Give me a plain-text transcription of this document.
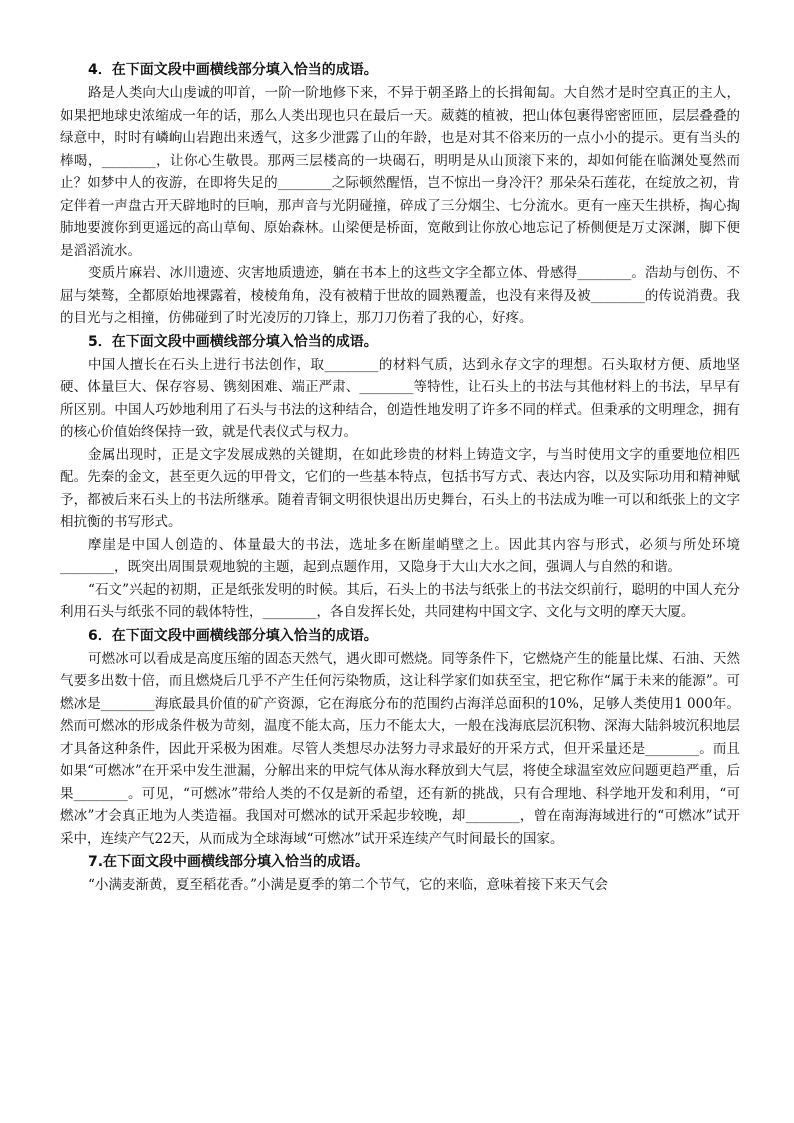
4．在下面文段中画横线部分填入恰当的成语。

路是人类向大山虔诚的叩首，一阶一阶地修下来，不异于朝圣路上的长揖匍匐。大自然才是时空真正的主人，如果把地球史浓缩成一年的话，那么人类出现也只在最后一天。葳蕤的植被，把山体包裹得密密匝匝，层层叠叠的绿意中，时时有嶙峋山岩跑出来透气，这多少泄露了山的年龄，也是对其不俗来历的一点小小的提示。更有当头的棒喝，________，让你心生敬畏。那两三层楼高的一块碣石，明明是从山顶滚下来的，却如何能在临渊处戛然而止？如梦中人的夜游，在即将失足的________之际顿然醒悟，岂不惊出一身冷汗？那朵朵石莲花，在绽放之初，肯定伴着一声盘古开天辟地时的巨响，那声音与光阴碰撞，碎成了三分烟尘、七分流水。更有一座天生拱桥，掏心掏肺地要渡你到更遥远的高山草甸、原始森林。山梁便是桥面，宽敞到让你放心地忘记了桥侧便是万丈深渊，脚下便是滔滔流水。

变质片麻岩、冰川遗迹、灾害地质遗迹，躺在书本上的这些文字全都立体、骨感得________。浩劫与创伤、不屈与桀骜，全都原始地裸露着，棱棱角角，没有被精于世故的圆熟覆盖，也没有来得及被________的传说消费。我的目光与之相撞，仿佛碰到了时光凌厉的刀锋上，那刀刀伤着了我的心，好疼。

5．在下面文段中画横线部分填入恰当的成语。

中国人擅长在石头上进行书法创作，取________的材料气质，达到永存文字的理想。石头取材方便、质地坚硬、体量巨大、保存容易、镌刻困难、端正严肃、________等特性，让石头上的书法与其他材料上的书法，早早有所区别。中国人巧妙地利用了石头与书法的这种结合，创造性地发明了许多不同的样式。但秉承的文明理念，拥有的核心价值始终保持一致，就是代表仪式与权力。

金属出现时，正是文字发展成熟的关键期，在如此珍贵的材料上铸造文字，与当时使用文字的重要地位相匹配。先秦的金文，甚至更久远的甲骨文，它们的一些基本特点，包括书写方式、表达内容，以及实际功用和精神赋予，都被后来石头上的书法所继承。随着青铜文明很快退出历史舞台，石头上的书法成为唯一可以和纸张上的文字相抗衡的书写形式。

摩崖是中国人创造的、体量最大的书法，选址多在断崖峭壁之上。因此其内容与形式，必须与所处环境________，既突出周围景观地貌的主题，起到点题作用，又隐身于大山大水之间，强调人与自然的和谐。

“石文”兴起的初期，正是纸张发明的时候。其后，石头上的书法与纸张上的书法交织前行，聪明的中国人充分利用石头与纸张不同的载体特性，________，各自发挥长处，共同建构中国文字、文化与文明的摩天大厦。

6．在下面文段中画横线部分填入恰当的成语。

可燃冰可以看成是高度压缩的固态天然气，遇火即可燃烧。同等条件下，它燃烧产生的能量比煤、石油、天然气要多出数十倍，而且燃烧后几乎不产生任何污染物质，这让科学家们如获至宝，把它称作“属于未来的能源”。可燃冰是________海底最具价值的矿产资源，它在海底分布的范围约占海洋总面积的10%，足够人类使用1 000年。然而可燃冰的形成条件极为苛刻，温度不能太高，压力不能太大，一般在浅海底层沉积物、深海大陆斜坡沉积地层才具备这种条件，因此开采极为困难。尽管人类想尽办法努力寻求最好的开采方式，但开采量还是________。而且如果“可燃冰”在开采中发生泄漏，分解出来的甲烷气体从海水释放到大气层，将使全球温室效应问题更趋严重，后果________。可见，“可燃冰”带给人类的不仅是新的希望，还有新的挑战，只有合理地、科学地开发和利用，“可燃冰”才会真正地为人类造福。我国对可燃冰的试开采起步较晚，却________，曾在南海海域进行的“可燃冰”试开采中，连续产气22天，从而成为全球海域“可燃冰”试开采连续产气时间最长的国家。

7.在下面文段中画横线部分填入恰当的成语。

“小满麦渐黄，夏至稻花香。”小满是夏季的第二个节气，它的来临，意味着接下来天气会
